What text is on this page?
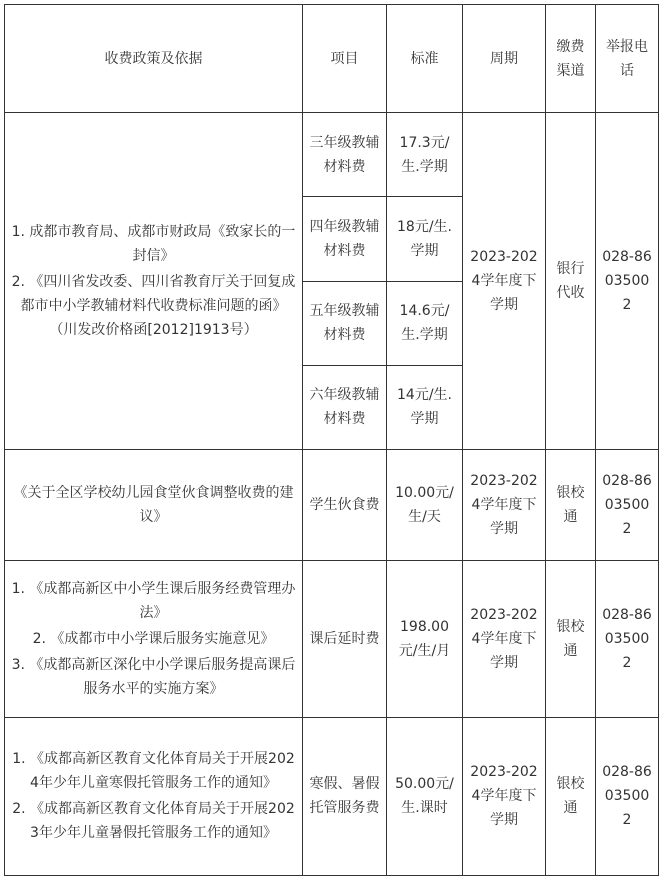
收费政策及依据	项目	标准	周期	缴费渠道	举报电话

1. 成都市教育局、成都市财政局《致家长的一封信》

2. 《四川省发改委、四川省教育厅关于回复成都市中小学教辅材料代收费标准问题的函》（川发改价格函[2012]1913号）	三年级教辅材料费	17.3元/生.学期	2023-2024学年度下学期	银行代收	028-86035002
	四年级教辅材料费	18元/生.学期			
	五年级教辅材料费	14.6元/生.学期			
	六年级教辅材料费	14元/生.学期			

《关于全区学校幼儿园食堂伙食调整收费的建议》	学生伙食费	10.00元/生/天	2023-2024学年度下学期	银校通	028-86035002

1. 《成都高新区中小学生课后服务经费管理办法》

2. 《成都市中小学课后服务实施意见》

3. 《成都高新区深化中小学课后服务提高课后服务水平的实施方案》	课后延时费	198.00元/生/月	2023-2024学年度下学期	银校通	028-86035002

1. 《成都高新区教育文化体育局关于开展2024年少年儿童寒假托管服务工作的通知》

2. 《成都高新区教育文化体育局关于开展2023年少年儿童暑假托管服务工作的通知》	寒假、暑假托管服务费	50.00元/生.课时	2023-2024学年度下学期	银校通	028-86035002
